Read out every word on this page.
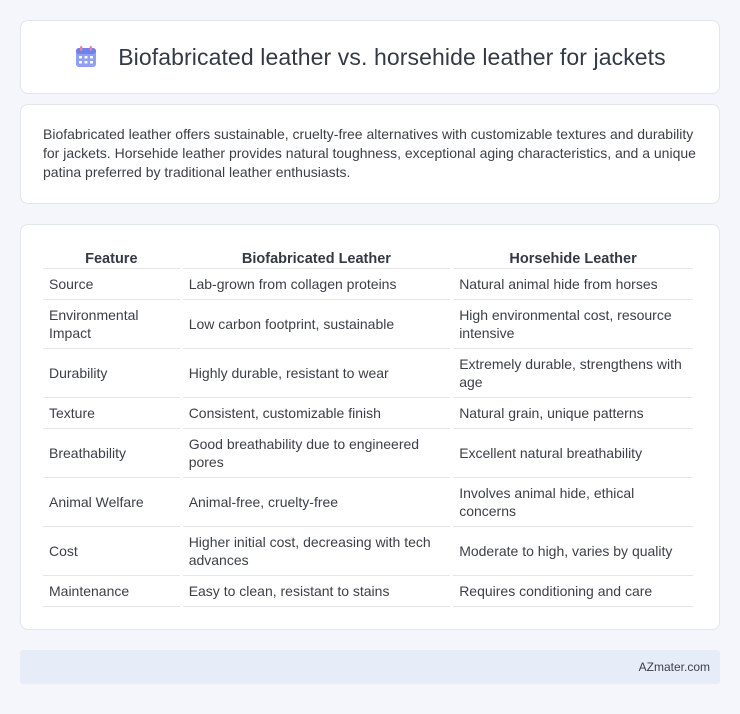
Biofabricated leather vs. horsehide leather for jackets

Biofabricated leather offers sustainable, cruelty-free alternatives with customizable textures and durability for jackets. Horsehide leather provides natural toughness, exceptional aging characteristics, and a unique patina preferred by traditional leather enthusiasts.

Feature	Biofabricated Leather	Horsehide Leather
Source	Lab-grown from collagen proteins	Natural animal hide from horses
Environmental Impact	Low carbon footprint, sustainable	High environmental cost, resource intensive
Durability	Highly durable, resistant to wear	Extremely durable, strengthens with age
Texture	Consistent, customizable finish	Natural grain, unique patterns
Breathability	Good breathability due to engineered pores	Excellent natural breathability
Animal Welfare	Animal-free, cruelty-free	Involves animal hide, ethical concerns
Cost	Higher initial cost, decreasing with tech advances	Moderate to high, varies by quality
Maintenance	Easy to clean, resistant to stains	Requires conditioning and care
AZmater.com
